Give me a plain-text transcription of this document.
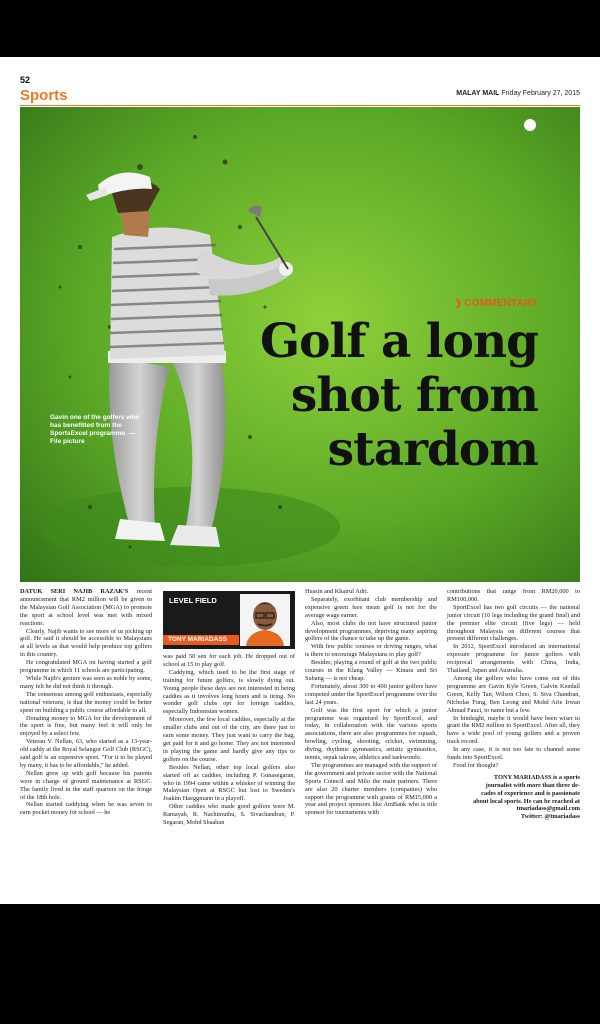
52
Sports	MALAY MAIL Friday February 27, 2015
Gavin one of the golfers who has benefitted from the SportsExcel programme. — File picture
❯ COMMENTARY
Golf a long
shot from
stardom
LEVEL FIELD
TONY MARIADASS

DATUK SERI NAJIB RAZAK'S recent announcement that RM2 million will be given to the Malaysian Golf Association (MGA) to promote the sport at school level was met with mixed reactions.

Clearly, Najib wants to see more of us picking up golf. He said it should be accessible to Malaysians at all levels as that would help produce top golfers in this country.

He congratulated MGA on having started a golf programme in which 11 schools are participating.

While Najib's gesture was seen as noble by some, many felt he did not think it through.

The consensus among golf enthusiasts, especially national veterans, is that the money could be better spent on building a public course affordable to all.

Donating money to MGA for the development of the sport is fine, but many feel it will only be enjoyed by a select few.

Veteran V. Nellan, 63, who started as a 13-year-old caddy at the Royal Selangor Golf Club (RSGC), said golf is an expensive sport. "For it to be played by many, it has to be affordable," he added.

Nellan grew up with golf because his parents were in charge of ground maintenance at RSGC. The family lived in the staff quarters on the fringe of the 18th hole.

Nellan started caddying when he was seven to earn pocket money for school — he

was paid 50 sen for each job. He dropped out of school at 15 to play golf.

Caddying, which used to be the first stage of training for future golfers, is slowly dying out. Young people these days are not interested in being caddies as it involves long hours and is tiring. No wonder golf clubs opt for foreign caddies, especially Indonesian women.

Moreover, the few local caddies, especially at the smaller clubs and out of the city, are there just to earn some money. They just want to carry the bag, get paid for it and go home. They are not interested in playing the game and hardly give any tips to golfers on the course.

Besides Nellan, other top local golfers also started off as caddies, including P. Gunasegaran, who in 1994 came within a whisker of winning the Malaysian Open at RSGC but lost to Sweden's Joakim Haeggmann in a playoff.

Other caddies who made good golfers were M. Ramayah, R. Nachimuthu, S. Sivachandran, P. Segaran, Mohd Shaaban

Hussin and Khairul Adri.

Separately, exorbitant club membership and expensive green fees mean golf is not for the average wage earner.

Also, most clubs do not have structured junior development programmes, depriving many aspiring golfers of the chance to take up the game.

With few public courses or driving ranges, what is there to encourage Malaysians to play golf?

Besides, playing a round of golf at the two public courses in the Klang Valley — Kinara and Sri Subang — is not cheap.

Fortunately, about 300 to 400 junior golfers have competed under the SportExcel programme over the last 24 years.

Golf was the first sport for which a junior programme was organised by SportExcel, and today, in collaboration with the various sports associations, there are also programmes for squash, bowling, cycling, shooting, cricket, swimming, diving, rhythmic gymnastics, artistic gymnastics, tennis, sepak takraw, athletics and taekwondo.

The programmes are managed with the support of the government and private sector with the National Sports Council and Milo the main partners. There are also 20 charter members (companies) who support the programme with grants of RM15,000 a year and project sponsors like AmBank who is title sponsor for tournaments with

contributions that range from RM20,000 to RM100,000.

SportExcel has two golf circuits — the national junior circuit (10 legs including the grand final) and the premier elite circuit (five legs) — held throughout Malaysia on different courses that present different challenges.

In 2012, SportExcel introduced an international exposure programme for junior golfers with reciprocal arrangements with China, India, Thailand, Japan and Australia.

Among the golfers who have come out of this programme are Gavin Kyle Green, Galvin Kendall Green, Kelly Tan, Wilson Choo, S. Siva Chandran, Nicholas Fung, Ben Leong and Mohd Arie Irwan Ahmad Fauzi, to name but a few.

In hindsight, maybe it would have been wiser to grant the RM2 million to SportExcel. After all, they have a wide pool of young golfers and a proven track record.

In any case, it is not too late to channel some funds into SportExcel.

Food for thought?

TONY MARIADASS is a sports
journalist with more than three de-
cades of experience and is passionate
about local sports. He can be reached at
tmariadass@gmail.com
Twitter: @tmariadass
